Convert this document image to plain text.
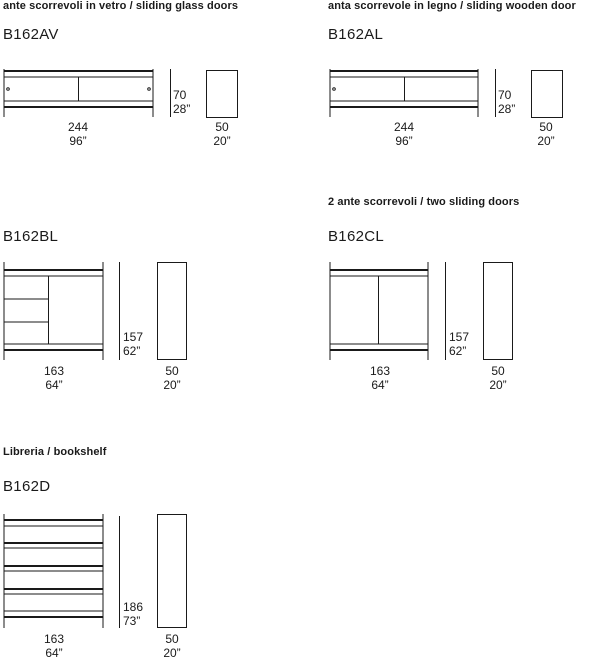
ante scorrevoli in vetro / sliding glass doors	anta scorrevole in legno / sliding wooden door
2 ante scorrevoli / two sliding doors
Libreria / bookshelf
B162AV
70
28”
244
96”
50
20”
B162AL
70
28”
244
96”
50
20”
B162BL
157
62”
163
64”
50
20”
B162CL
157
62”
163
64”
50
20”
B162D
186
73”
163
64”
50
20”
